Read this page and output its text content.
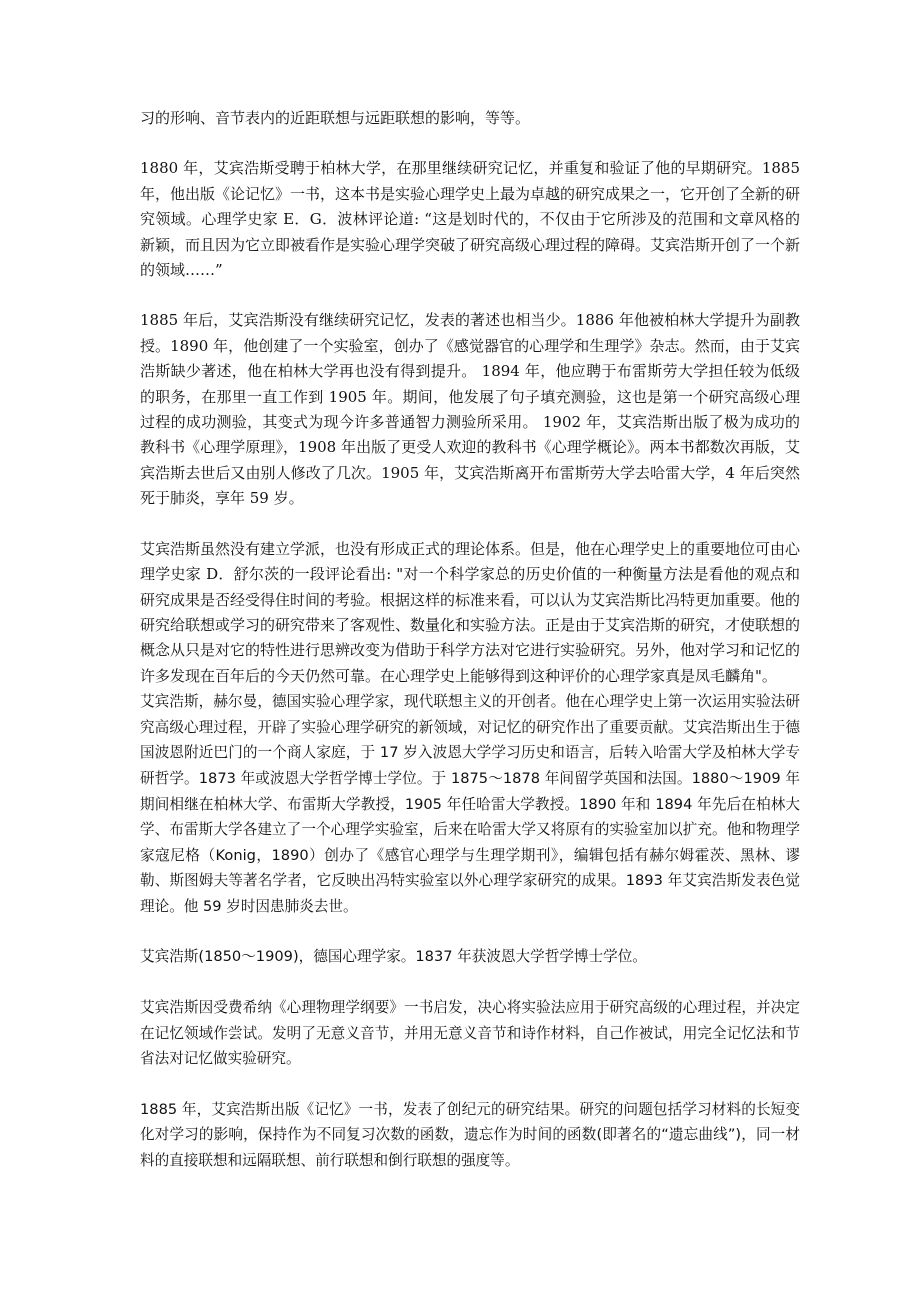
习的形响、音节表内的近距联想与远距联想的影响，等等。

1880 年，艾宾浩斯受聘于柏林大学，在那里继续研究记忆，并重复和验证了他的早期研究。1885 年，他出版《论记忆》一书，这本书是实验心理学史上最为卓越的研究成果之一，它开创了全新的研究领域。心理学史家 E．G．波林评论道: “这是划时代的，不仅由于它所涉及的范围和文章风格的新颖，而且因为它立即被看作是实验心理学突破了研究高级心理过程的障碍。艾宾浩斯开创了一个新的领域……”

1885 年后，艾宾浩斯没有继续研究记忆，发表的著述也相当少。1886 年他被柏林大学提升为副教授。1890 年，他创建了一个实验室，创办了《感觉器官的心理学和生理学》杂志。然而，由于艾宾浩斯缺少著述，他在柏林大学再也没有得到提升。 1894 年，他应聘于布雷斯劳大学担任较为低级的职务，在那里一直工作到 1905 年。期间，他发展了句子填充测验，这也是第一个研究高级心理过程的成功测验，其变式为现今许多普通智力测验所采用。 1902 年，艾宾浩斯出版了极为成功的教科书《心理学原理》，1908 年出版了更受人欢迎的教科书《心理学概论》。两本书都数次再版，艾宾浩斯去世后又由别人修改了几次。1905 年，艾宾浩斯离开布雷斯劳大学去哈雷大学，4 年后突然死于肺炎，享年 59 岁。

艾宾浩斯虽然没有建立学派，也没有形成正式的理论体系。但是，他在心理学史上的重要地位可由心理学史家 D．舒尔茨的一段评论看出: "对一个科学家总的历史价值的一种衡量方法是看他的观点和研究成果是否经受得住时间的考验。根据这样的标准来看，可以认为艾宾浩斯比冯特更加重要。他的研究给联想或学习的研究带来了客观性、数量化和实验方法。正是由于艾宾浩斯的研究，才使联想的概念从只是对它的特性进行思辨改变为借助于科学方法对它进行实验研究。另外，他对学习和记忆的许多发现在百年后的今天仍然可靠。在心理学史上能够得到这种评价的心理学家真是凤毛麟角"。

艾宾浩斯，赫尔曼，德国实验心理学家，现代联想主义的开创者。他在心理学史上第一次运用实验法研究高级心理过程，开辟了实验心理学研究的新领域，对记忆的研究作出了重要贡献。艾宾浩斯出生于德国波恩附近巴门的一个商人家庭，于 17 岁入波恩大学学习历史和语言，后转入哈雷大学及柏林大学专研哲学。1873 年或波恩大学哲学博士学位。于 1875～1878 年间留学英国和法国。1880～1909 年期间相继在柏林大学、布雷斯大学教授，1905 年任哈雷大学教授。1890 年和 1894 年先后在柏林大学、布雷斯大学各建立了一个心理学实验室，后来在哈雷大学又将原有的实验室加以扩充。他和物理学家寇尼格（Konig，1890）创办了《感官心理学与生理学期刊》，编辑包括有赫尔姆霍茨、黑林、谬勒、斯图姆夫等著名学者，它反映出冯特实验室以外心理学家研究的成果。1893 年艾宾浩斯发表色觉理论。他 59 岁时因患肺炎去世。

艾宾浩斯(1850～1909)，德国心理学家。1837 年获波恩大学哲学博士学位。

艾宾浩斯因受费希纳《心理物理学纲要》一书启发，决心将实验法应用于研究高级的心理过程，并决定在记忆领域作尝试。发明了无意义音节，并用无意义音节和诗作材料，自己作被试，用完全记忆法和节省法对记忆做实验研究。

1885 年，艾宾浩斯出版《记忆》一书，发表了创纪元的研究结果。研究的问题包括学习材料的长短变化对学习的影响，保持作为不同复习次数的函数，遗忘作为时间的函数(即著名的“遗忘曲线”)，同一材料的直接联想和远隔联想、前行联想和倒行联想的强度等。
